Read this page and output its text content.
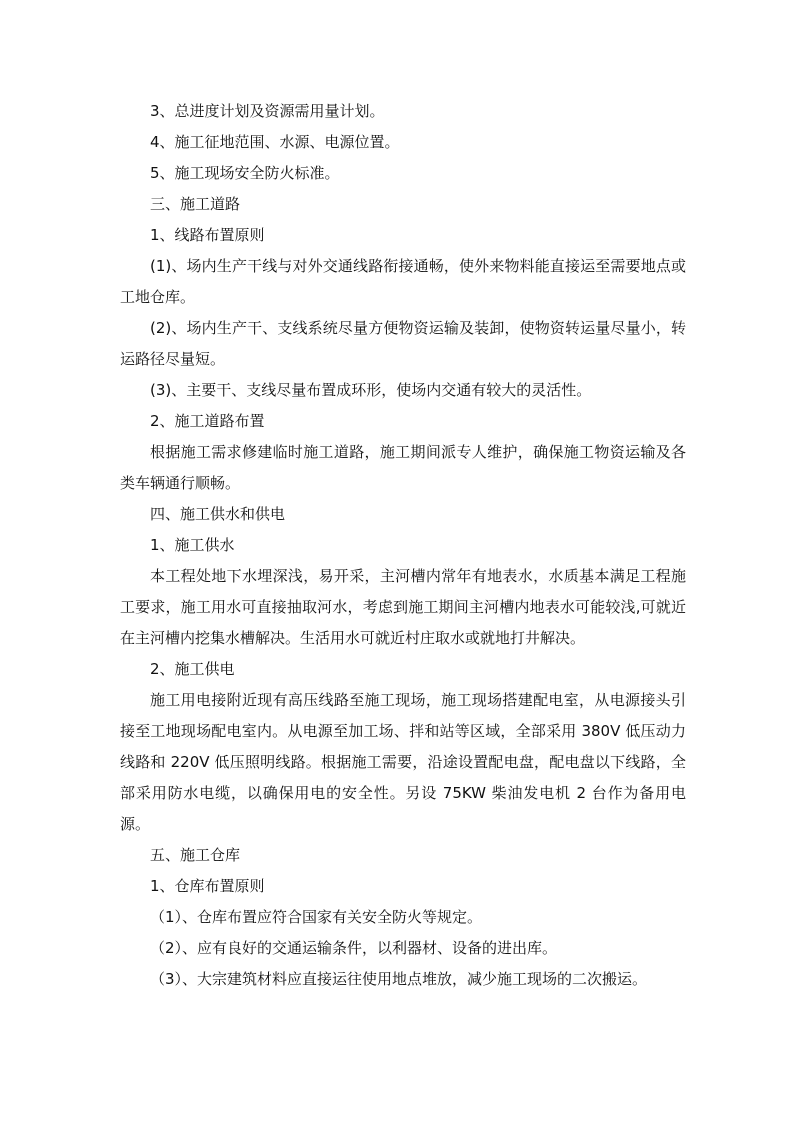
3、总进度计划及资源需用量计划。

4、施工征地范围、水源、电源位置。

5、施工现场安全防火标准。

三、施工道路

1、线路布置原则

(1)、场内生产干线与对外交通线路衔接通畅，使外来物料能直接运至需要地点或工地仓库。

(2)、场内生产干、支线系统尽量方便物资运输及装卸，使物资转运量尽量小，转运路径尽量短。

(3)、主要干、支线尽量布置成环形，使场内交通有较大的灵活性。

2、施工道路布置

根据施工需求修建临时施工道路，施工期间派专人维护，确保施工物资运输及各类车辆通行顺畅。

四、施工供水和供电

1、施工供水

本工程处地下水埋深浅，易开采，主河槽内常年有地表水，水质基本满足工程施工要求，施工用水可直接抽取河水，考虑到施工期间主河槽内地表水可能较浅,可就近在主河槽内挖集水槽解决。生活用水可就近村庄取水或就地打井解决。

2、施工供电

施工用电接附近现有高压线路至施工现场，施工现场搭建配电室，从电源接头引接至工地现场配电室内。从电源至加工场、拌和站等区域，全部采用 380V 低压动力线路和 220V 低压照明线路。根据施工需要，沿途设置配电盘，配电盘以下线路，全部采用防水电缆，以确保用电的安全性。另设 75KW 柴油发电机 2 台作为备用电源。

五、施工仓库

1、仓库布置原则

（1）、仓库布置应符合国家有关安全防火等规定。

（2）、应有良好的交通运输条件，以利器材、设备的进出库。

（3）、大宗建筑材料应直接运往使用地点堆放，减少施工现场的二次搬运。
